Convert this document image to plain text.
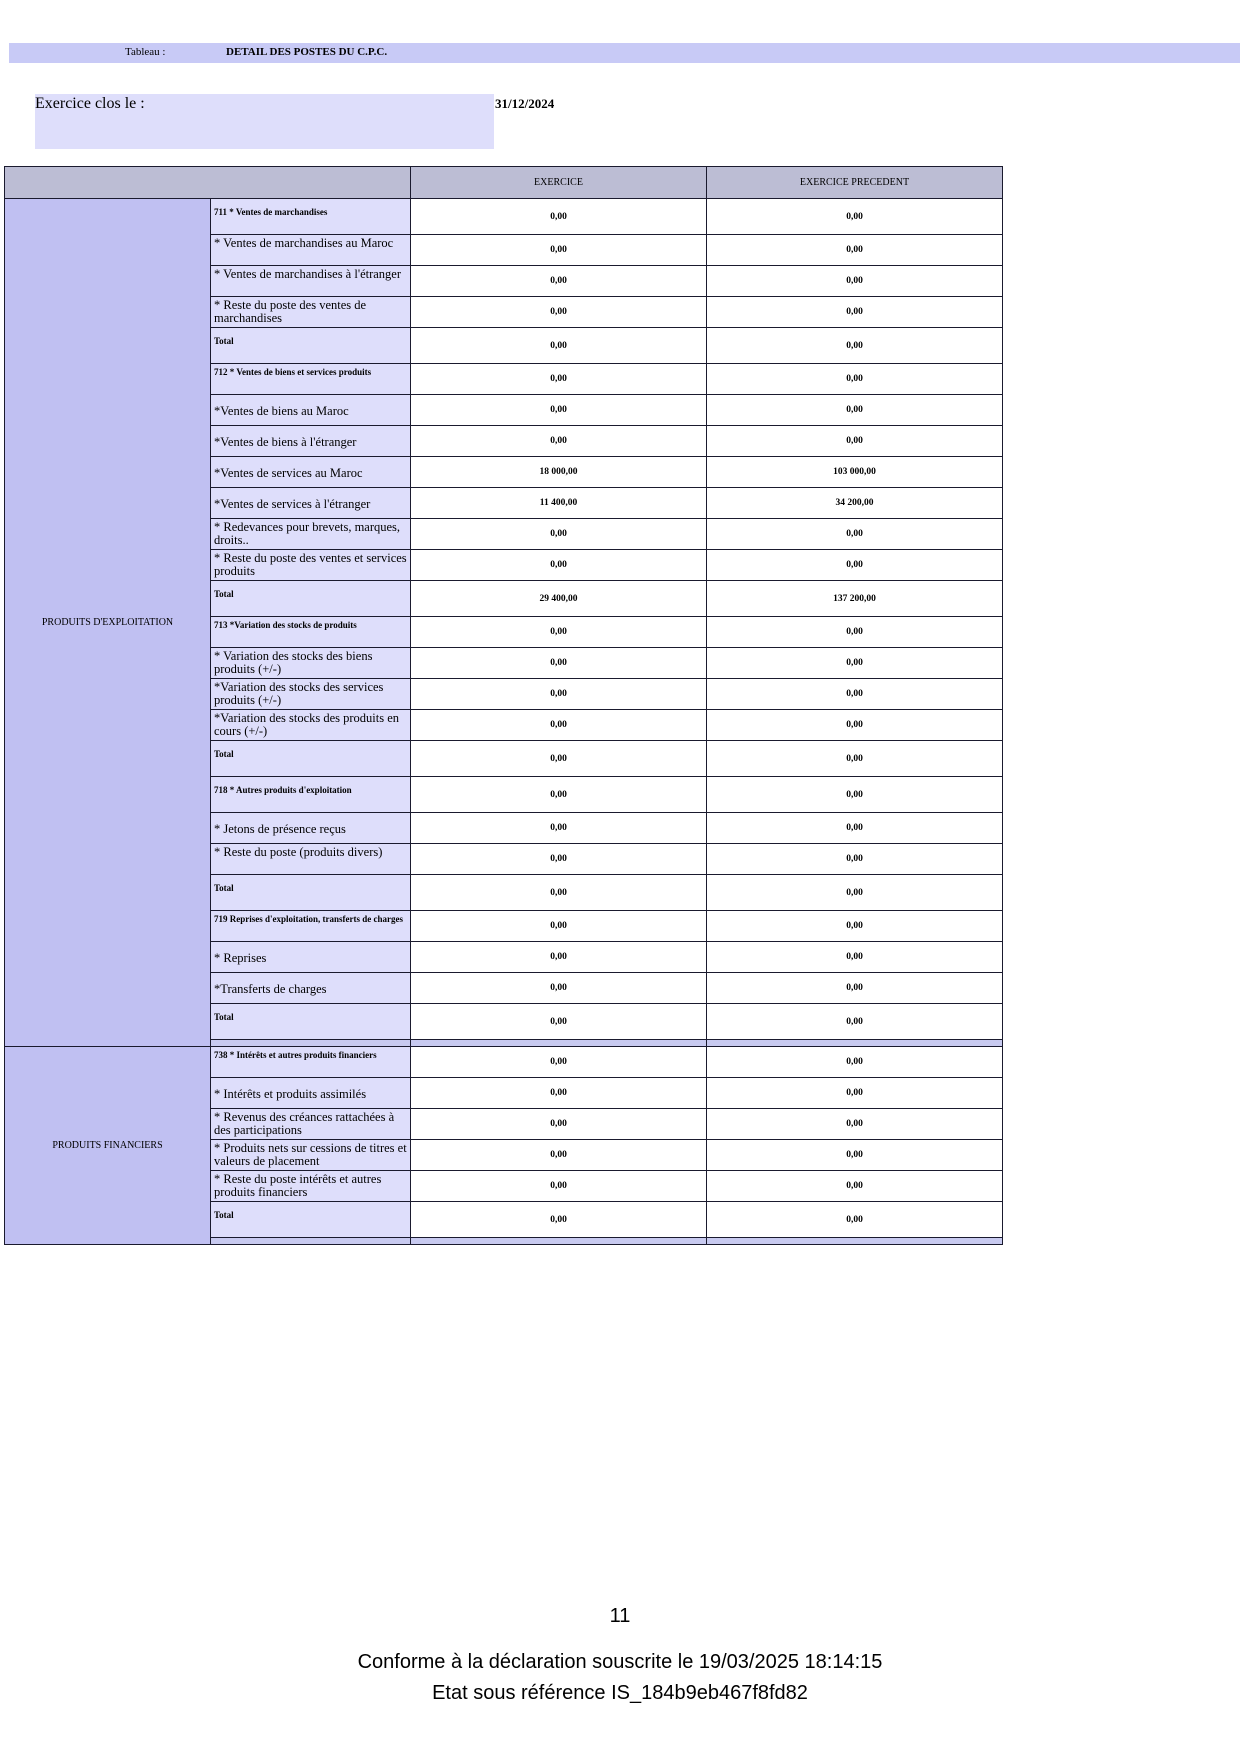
Tableau :	DETAIL DES POSTES DU C.P.C.
Exercice clos le :	31/12/2024
		EXERCICE	EXERCICE PRECEDENT
PRODUITS D'EXPLOITATION	711 * Ventes de marchandises	0,00	0,00
	* Ventes de marchandises au Maroc	0,00	0,00
	* Ventes de marchandises à l'étranger	0,00	0,00
	* Reste du poste des ventes de marchandises	0,00	0,00
	Total	0,00	0,00
	712 * Ventes de biens et services produits	0,00	0,00
	*Ventes de biens au Maroc	0,00	0,00
	*Ventes de biens à l'étranger	0,00	0,00
	*Ventes de services au Maroc	18 000,00	103 000,00
	*Ventes de services à l'étranger	11 400,00	34 200,00
	* Redevances pour brevets, marques, droits..	0,00	0,00
	* Reste du poste des ventes et services produits	0,00	0,00
	Total	29 400,00	137 200,00
	713 *Variation des stocks de produits	0,00	0,00
	* Variation des stocks des biens produits (+/-)	0,00	0,00
	*Variation des stocks des services produits (+/-)	0,00	0,00
	*Variation des stocks des produits en cours (+/-)	0,00	0,00
	Total	0,00	0,00
	718 * Autres produits d'exploitation	0,00	0,00
	* Jetons de présence reçus	0,00	0,00
	* Reste du poste (produits divers)	0,00	0,00
	Total	0,00	0,00
	719 Reprises d'exploitation, transferts de charges	0,00	0,00
	* Reprises	0,00	0,00
	*Transferts de charges	0,00	0,00
	Total	0,00	0,00

PRODUITS FINANCIERS	738 * Intérêts et autres produits financiers	0,00	0,00
	* Intérêts et produits assimilés	0,00	0,00
	* Revenus des créances rattachées à des participations	0,00	0,00
	* Produits nets sur cessions de titres et valeurs de placement	0,00	0,00
	* Reste du poste intérêts et autres produits financiers	0,00	0,00
	Total	0,00	0,00

11
Conforme à la déclaration souscrite le 19/03/2025 18:14:15
Etat sous référence IS_184b9eb467f8fd82
